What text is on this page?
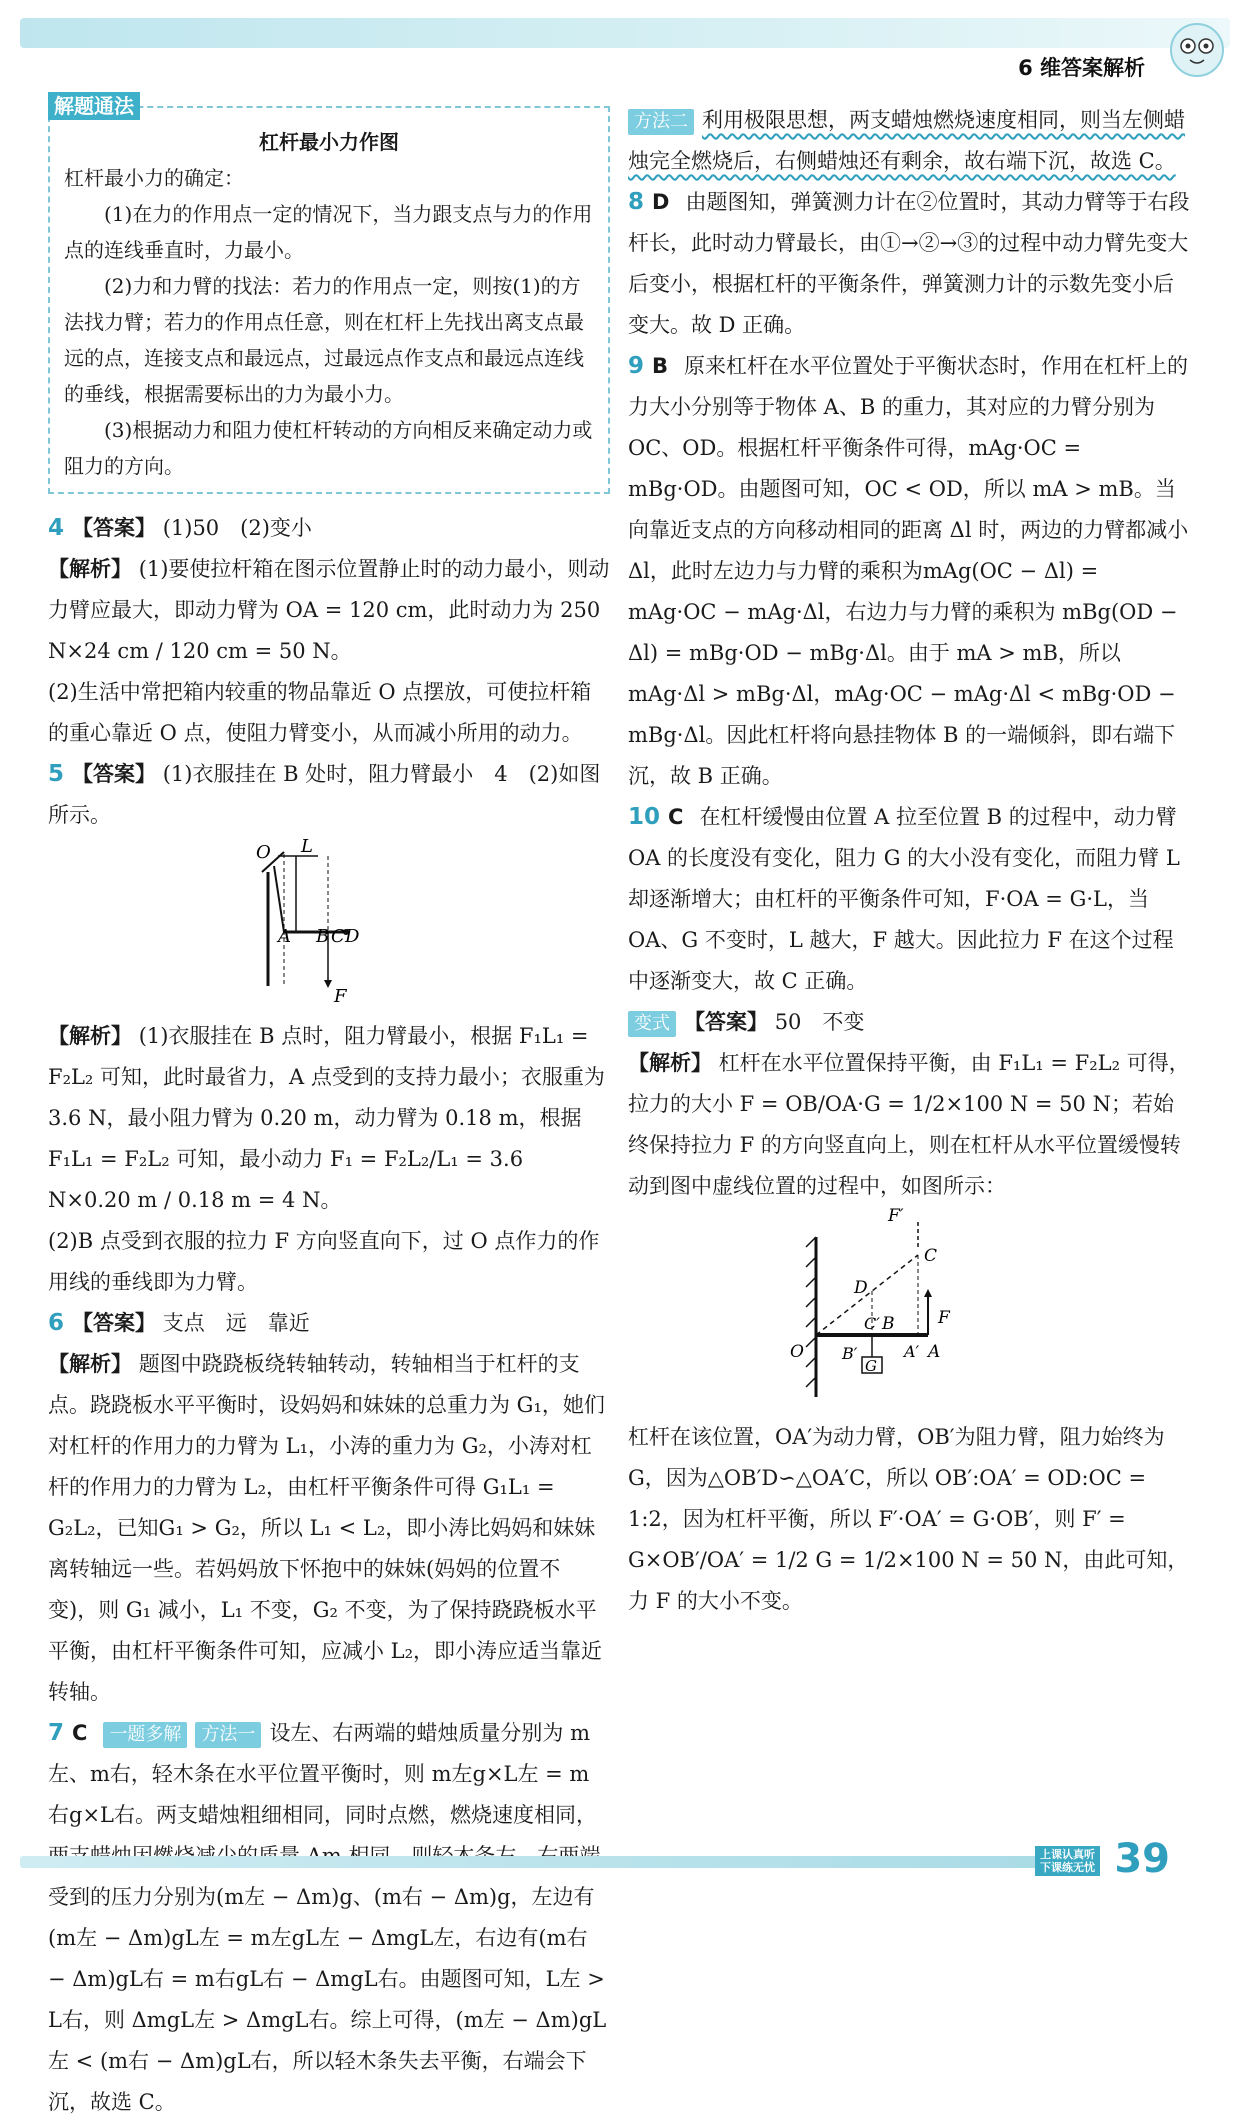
6 维答案解析
解题通法
杠杆最小力作图

杠杆最小力的确定：

(1)在力的作用点一定的情况下，当力跟支点与力的作用点的连线垂直时，力最小。

(2)力和力臂的找法：若力的作用点一定，则按(1)的方法找力臂；若力的作用点任意，则在杠杆上先找出离支点最远的点，连接支点和最远点，过最远点作支点和最远点连线的垂线，根据需要标出的力为最小力。

(3)根据动力和阻力使杠杆转动的方向相反来确定动力或阻力的方向。

4 【答案】 (1)50　(2)变小

【解析】 (1)要使拉杆箱在图示位置静止时的动力最小，则动力臂应最大，即动力臂为 OA = 120 cm，此时动力为 250 N×24 cm / 120 cm = 50 N。

(2)生活中常把箱内较重的物品靠近 O 点摆放，可使拉杆箱的重心靠近 O 点，使阻力臂变小，从而减小所用的动力。

5 【答案】 (1)衣服挂在 B 处时，阻力臂最小　4　(2)如图所示。

O L
A B C D
F

【解析】 (1)衣服挂在 B 点时，阻力臂最小，根据 F₁L₁ = F₂L₂ 可知，此时最省力，A 点受到的支持力最小；衣服重为3.6 N，最小阻力臂为 0.20 m，动力臂为 0.18 m，根据 F₁L₁ = F₂L₂ 可知，最小动力 F₁ = F₂L₂/L₁ = 3.6 N×0.20 m / 0.18 m = 4 N。

(2)B 点受到衣服的拉力 F 方向竖直向下，过 O 点作力的作用线的垂线即为力臂。

6 【答案】 支点　远　靠近

【解析】 题图中跷跷板绕转轴转动，转轴相当于杠杆的支点。跷跷板水平平衡时，设妈妈和妹妹的总重力为 G₁，她们对杠杆的作用力的力臂为 L₁，小涛的重力为 G₂，小涛对杠杆的作用力的力臂为 L₂，由杠杆平衡条件可得 G₁L₁ = G₂L₂，已知G₁ > G₂，所以 L₁ < L₂，即小涛比妈妈和妹妹离转轴远一些。若妈妈放下怀抱中的妹妹(妈妈的位置不变)，则 G₁ 减小，L₁ 不变，G₂ 不变，为了保持跷跷板水平平衡，由杠杆平衡条件可知，应减小 L₂，即小涛应适当靠近转轴。

7 C 一题多解 方法一 设左、右两端的蜡烛质量分别为 m左、m右，轻木条在水平位置平衡时，则 m左g×L左 = m右g×L右。两支蜡烛粗细相同，同时点燃，燃烧速度相同， 受到的压力分别为(m左 − Δm)g、(m右 − Δm)g，左边有(m左 − Δm)gL左 = m左gL左 − ΔmgL左，右边有(m右 − Δm)gL右 = m右gL右 − ΔmgL右。由题图可知，L左 > L右，则 ΔmgL左 > ΔmgL右。综上可得，(m左 − Δm)gL左 < (m右 − Δm)gL右，所以轻木条失去平衡，右端会下沉，故选 C。

方法二 利用极限思想，两支蜡烛燃烧速度相同，则当左侧蜡烛完全燃烧后，右侧蜡烛还有剩余，故右端下沉，故选 C。

8 D 由题图知，弹簧测力计在②位置时，其动力臂等于右段杆长，此时动力臂最长，由①→②→③的过程中动力臂先变大后变小，根据杠杆的平衡条件，弹簧测力计的示数先变小后变大。故 D 正确。

9 B 原来杠杆在水平位置处于平衡状态时，作用在杠杆上的力大小分别等于物体 A、B 的重力，其对应的力臂分别为 OC、OD。根据杠杆平衡条件可得，mAg·OC = mBg·OD。由题图可知，OC < OD，所以 mA > mB。当向靠近支点的方向移动相同的距离 Δl 时，两边的力臂都减小 Δl，此时左边力与力臂的乘积为mAg(OC − Δl) = mAg·OC − mAg·Δl，右边力与力臂的乘积为 mBg(OD − Δl) = mBg·OD − mBg·Δl。由于 mA > mB，所以 mAg·Δl > mBg·Δl，mAg·OC − mAg·Δl < mBg·OD − mBg·Δl。因此杠杆将向悬挂物体 B 的一端倾斜，即右端下沉，故 B 正确。

10 C 在杠杆缓慢由位置 A 拉至位置 B 的过程中，动力臂 OA 的长度没有变化，阻力 G 的大小没有变化，而阻力臂 L 却逐渐增大；由杠杆的平衡条件可知，F·OA = G·L，当 OA、G 不变时，L 越大，F 越大。因此拉力 F 在这个过程中逐渐变大，故 C 正确。

变式 【答案】 50　不变

【解析】 杠杆在水平位置保持平衡，由 F₁L₁ = F₂L₂ 可得，拉力的大小 F = OB/OA·G = 1/2×100 N = 50 N；若始终保持拉力 F 的方向竖直向上，则在杠杆从水平位置缓慢转动到图中虚线位置的过程中，如图所示：

F′
C
D
C′ B	F
O B′	A′ A
G

杠杆在该位置，OA′为动力臂，OB′为阻力臂，阻力始终为 G，因为△OB′D∽△OA′C，所以 OB′:OA′ = OD:OC = 1:2，因为杠杆平衡，所以 F′·OA′ = G·OB′，则 F′ = G×OB′/OA′ = 1/2 G = 1/2×100 N = 50 N，由此可知，力 F 的大小不变。

上课认真听
下课练无忧 39
